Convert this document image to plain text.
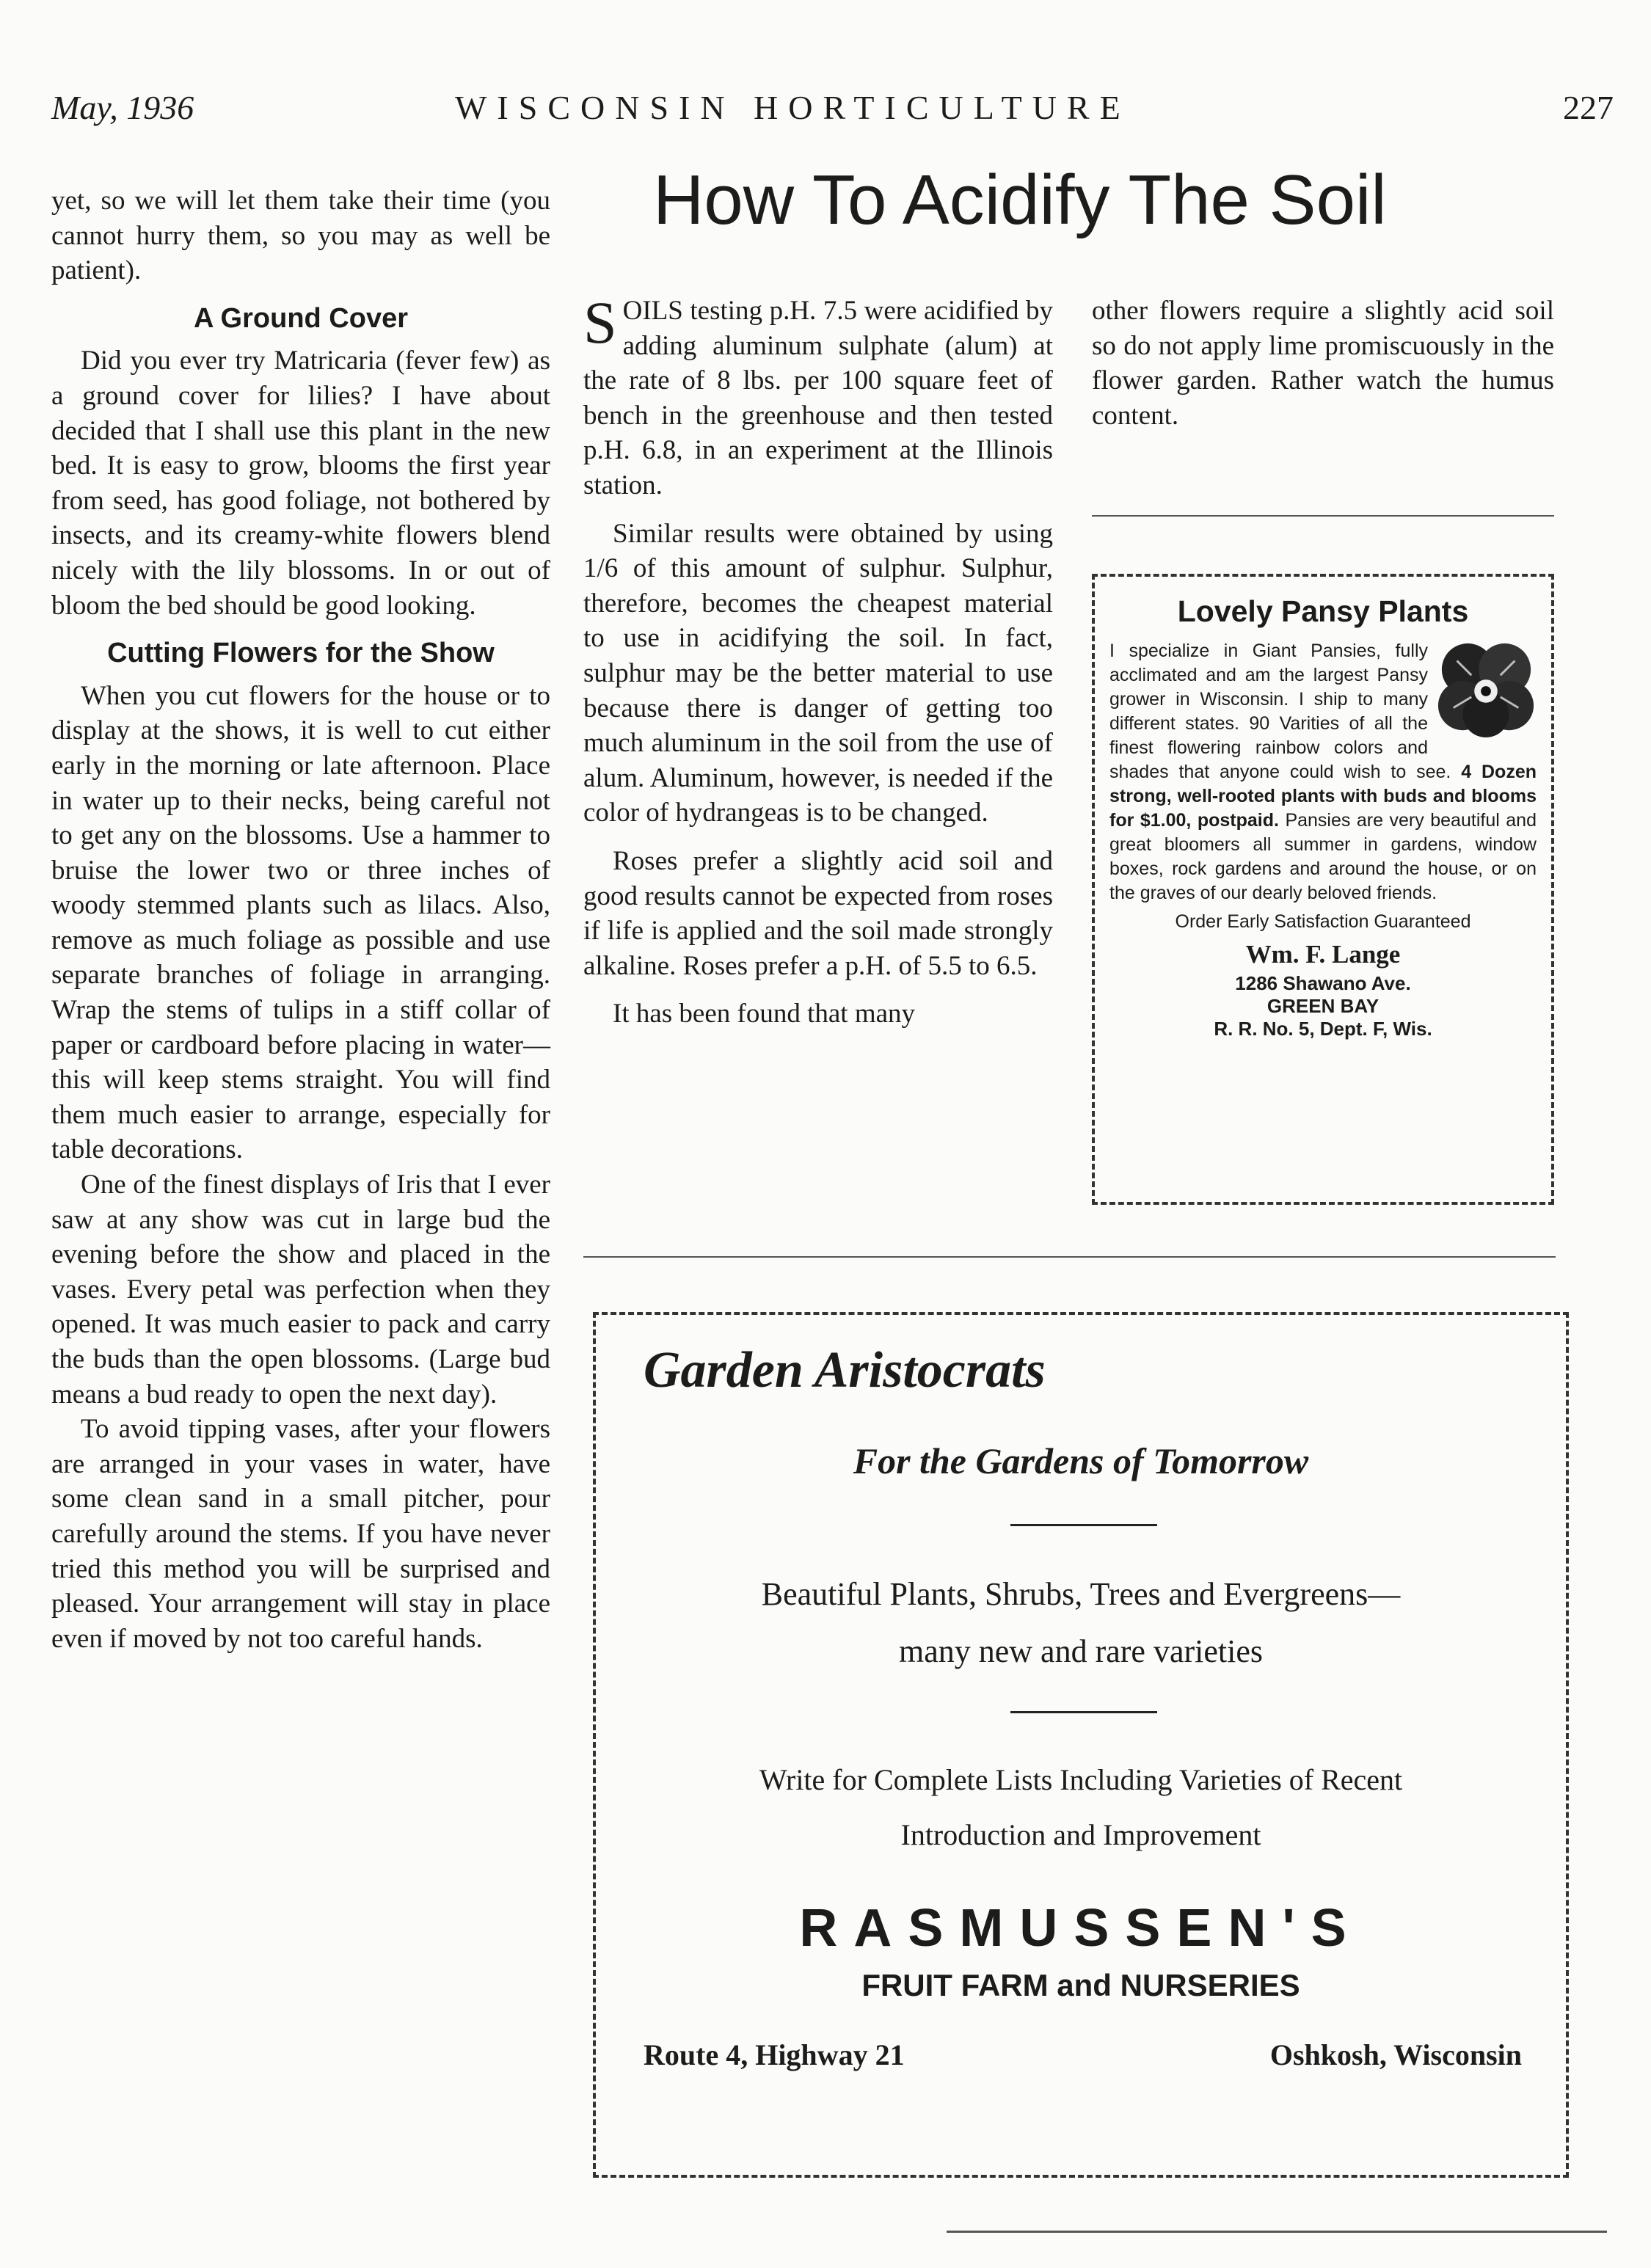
May, 1936	WISCONSIN HORTICULTURE	227

yet, so we will let them take their time (you cannot hurry them, so you may as well be patient).

A Ground Cover

Did you ever try Matricaria (fever few) as a ground cover for lilies? I have about decided that I shall use this plant in the new bed. It is easy to grow, blooms the first year from seed, has good foliage, not bothered by insects, and its creamy-white flowers blend nicely with the lily blossoms. In or out of bloom the bed should be good looking.

Cutting Flowers for the Show

When you cut flowers for the house or to display at the shows, it is well to cut either early in the morning or late afternoon. Place in water up to their necks, being careful not to get any on the blossoms. Use a hammer to bruise the lower two or three inches of woody stemmed plants such as lilacs. Also, remove as much foliage as possible and use separate branches of foliage in arranging. Wrap the stems of tulips in a stiff collar of paper or cardboard before placing in water—this will keep stems straight. You will find them much easier to arrange, especially for table decorations.

One of the finest displays of Iris that I ever saw at any show was cut in large bud the evening before the show and placed in the vases. Every petal was perfection when they opened. It was much easier to pack and carry the buds than the open blossoms. (Large bud means a bud ready to open the next day).

To avoid tipping vases, after your flowers are arranged in your vases in water, have some clean sand in a small pitcher, pour carefully around the stems. If you have never tried this method you will be surprised and pleased. Your arrangement will stay in place even if moved by not too careful hands.

How To Acidify The Soil

SOILS testing p.H. 7.5 were acidified by adding aluminum sulphate (alum) at the rate of 8 lbs. per 100 square feet of bench in the greenhouse and then tested p.H. 6.8, in an experiment at the Illinois station.

Similar results were obtained by using 1/6 of this amount of sulphur. Sulphur, therefore, becomes the cheapest material to use in acidifying the soil. In fact, sulphur may be the better material to use because there is danger of getting too much aluminum in the soil from the use of alum. Aluminum, however, is needed if the color of hydrangeas is to be changed.

Roses prefer a slightly acid soil and good results cannot be expected from roses if life is applied and the soil made strongly alkaline. Roses prefer a p.H. of 5.5 to 6.5.

It has been found that many

other flowers require a slightly acid soil so do not apply lime promiscuously in the flower garden. Rather watch the humus content.

Lovely Pansy Plants
I specialize in Giant Pansies, fully acclimated and am the largest Pansy grower in Wisconsin. I ship to many different states. 90 Varities of all the finest flowering rainbow colors and shades that anyone could wish to see. 4 Dozen strong, well-rooted plants with buds and blooms for $1.00, postpaid. Pansies are very beautiful and great bloomers all summer in gardens, window boxes, rock gardens and around the house, or on the graves of our dearly beloved friends.
Order Early Satisfaction Guaranteed
Wm. F. Lange
1286 Shawano Ave.
GREEN BAY
R. R. No. 5, Dept. F, Wis.
Garden Aristocrats
For the Gardens of Tomorrow
Beautiful Plants, Shrubs, Trees and Evergreens—
many new and rare varieties
Write for Complete Lists Including Varieties of Recent
Introduction and Improvement
RASMUSSEN'S
FRUIT FARM and NURSERIES
Route 4, Highway 21	Oshkosh, Wisconsin
